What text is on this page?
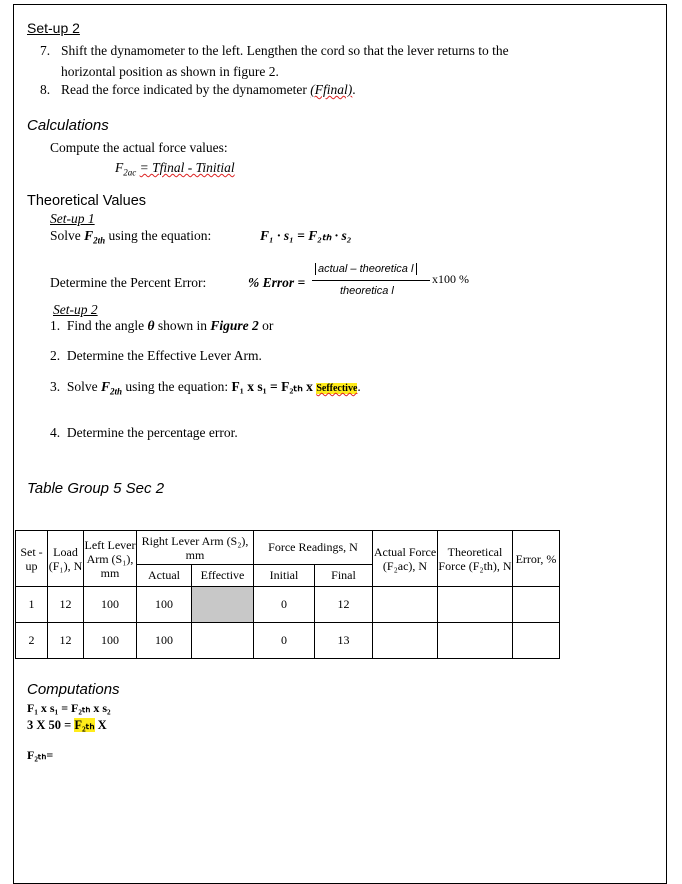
Set-up 2
7. Shift the dynamometer to the left. Lengthen the cord so that the lever returns to the
horizontal position as shown in figure 2.
8. Read the force indicated by the dynamometer (Ffinal).
Calculations
Compute the actual force values:
$F_{2ac}$ = Tfinal - Tinitial
Theoretical Values
Set-up 1
Solve $F_{2th}$ using the equation:	F₁ · s₁ = F₂ₜₕ · s₂
Determine the Percent Error:	% Error =
actual – theoretica l
theoretica l
x100 %
Set-up 2
1. Find the angle θ shown in Figure 2 or
2. Determine the Effective Lever Arm.
3. Solve $F_{2th}$ using the equation: F₁ x s₁ = F₂ₜₕ x Seffective.
4. Determine the percentage error.
Table Group 5 Sec 2
Set -up	Load (F₁), N	Left Lever Arm (S₁), mm	Right Lever Arm (S₂), mm		Force Readings, N		Actual Force (F₂ac), N	Theoretical Force (F₂th), N	Error, %
			Actual	Effective	Initial	Final			
1	12	100	100		0	12			
2	12	100	100		0	13			
Computations
F₁ x s₁ = F₂ₜₕ x s₂
3 X 50 = F₂ₜₕ X
F₂ₜₕ=
